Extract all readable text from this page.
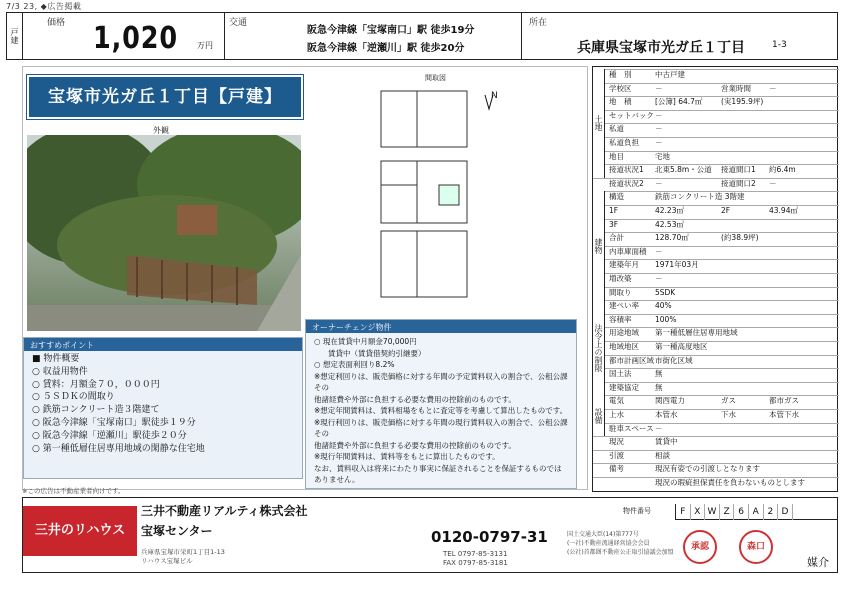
7/3 23, ◆広告掲載
戸建
価格 1,020 万円
交通
阪急今津線「宝塚南口」駅 徒歩19分
阪急今津線「逆瀬川」駅 徒歩20分
所在
兵庫県宝塚市光ガ丘１丁目	1-3
宝塚市光ガ丘１丁目【戸建】
外観
おすすめポイント
■ 物件概要
○ 収益用物件
○ 賃料：月額金７０，０００円
○ ５ＳＤＫの間取り
○ 鉄筋コンクリート造３階建て
○ 阪急今津線「宝塚南口」駅徒歩１９分
○ 阪急今津線「逆瀬川」駅徒歩２０分
○ 第一種低層住居専用地域の閑静な住宅地
間取図
N
オーナーチェンジ物件
○ 現在賃貸中月額金70,000円
賃貸中（賃貸借契約引継要）
○ 想定表面利回り8.2%
※想定利回りは、販売価格に対する年間の予定賃料収入の割合で、公租公課その
他諸経費や外部に負担する必要な費用の控除前のものです。
※想定年間賃料は、賃料相場をもとに査定等を考慮して算出したものです。
※現行利回りは、販売価格に対する年間の現行賃料収入の割合で、公租公課その
他諸経費や外部に負担する必要な費用の控除前のものです。
※現行年間賃料は、賃料等をもとに算出したものです。
なお、賃料収入は将来にわたり事実に保証されることを保証するものではありません。
種　別	中古戸建
学校区	－	営業時間 －
地　積	[公簿] 64.7㎡ (実195.9坪)
セットバック －
私道	－
私道負担 －
地目	宅地
接道状況1 北東5.8m・公道 接道間口1 約6.4m
接道状況2 －	接道間口2 －
構造	鉄筋コンクリート造 3階建
1F	42.23㎡	2F	43.94㎡
3F	42.53㎡
合計	128.70㎡	(約38.9坪)
内車庫面積 －
建築年月 1971年03月
増改築	－
間取り	5SDK
建ぺい率 40%
容積率	100%
用途地域 第一種低層住居専用地域
地域地区 第一種高度地区
都市計画区域 市街化区域
国土法	無
建築協定 無
電気	関西電力	ガス	都市ガス
上水	本管水	下水	本管下水
駐車スペース －
現況	賃貸中
引渡	相談
備考	現況有姿での引渡しとなります
現況の瑕疵担保責任を負わないものとします
土地
建物
法令上の制限
設備
※この広告は不動産業者向けです。
三井のリハウス
三井不動産リアルティ株式会社
宝塚センター
兵庫県宝塚市栄町1丁目1-13
リハウス宝塚ビル
0120-0797-31
TEL 0797-85-3131
FAX 0797-85-3181
国土交通大臣(14)第777号
(一社)不動産流通経営協会会員
(公社)首都圏不動産公正取引協議会加盟
物件番号	F X W Z 6 A 2 D
承認	森口
媒介
